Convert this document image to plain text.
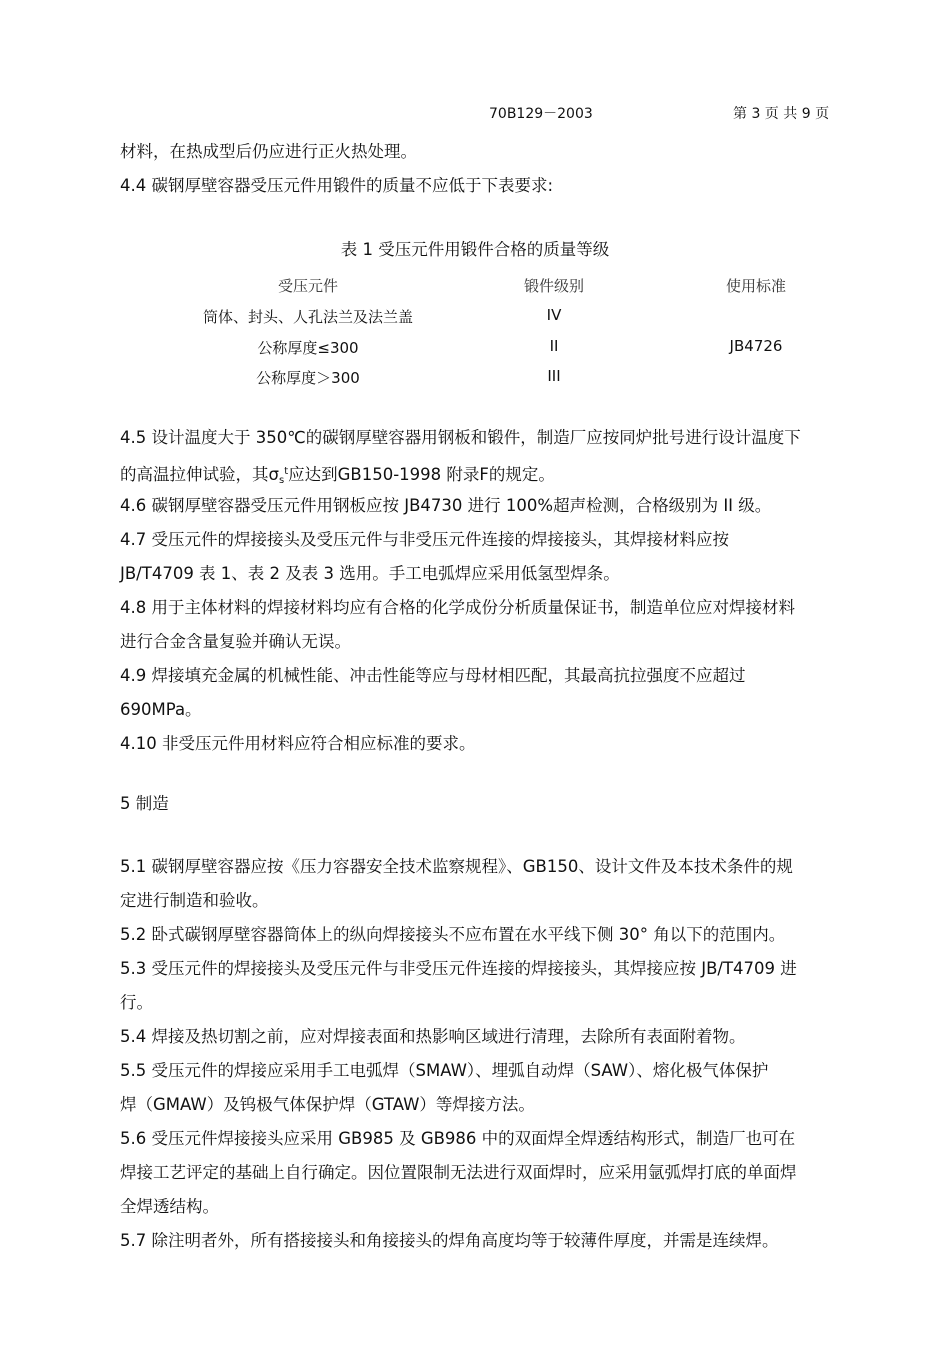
70B129－2003	第 3 页 共 9 页
材料，在热成型后仍应进行正火热处理。
4.4 碳钢厚壁容器受压元件用锻件的质量不应低于下表要求:
表 1 受压元件用锻件合格的质量等级
受压元件	锻件级别	使用标准
筒体、封头、人孔法兰及法兰盖	IV
公称厚度≤300	II	JB4726
公称厚度＞300	III
4.5 设计温度大于 350℃的碳钢厚壁容器用钢板和锻件，制造厂应按同炉批号进行设计温度下
的高温拉伸试验，其$\sigma_s^t$应达到GB150-1998 附录F的规定。
4.6 碳钢厚壁容器受压元件用钢板应按 JB4730 进行 100%超声检测，合格级别为 II 级。
4.7 受压元件的焊接接头及受压元件与非受压元件连接的焊接接头，其焊接材料应按
JB/T4709 表 1、表 2 及表 3 选用。手工电弧焊应采用低氢型焊条。
4.8 用于主体材料的焊接材料均应有合格的化学成份分析质量保证书，制造单位应对焊接材料
进行合金含量复验并确认无误。
4.9 焊接填充金属的机械性能、冲击性能等应与母材相匹配，其最高抗拉强度不应超过
690MPa。
4.10 非受压元件用材料应符合相应标准的要求。
5 制造
5.1 碳钢厚壁容器应按《压力容器安全技术监察规程》、GB150、设计文件及本技术条件的规
定进行制造和验收。
5.2 卧式碳钢厚壁容器筒体上的纵向焊接接头不应布置在水平线下侧 30° 角以下的范围内。
5.3 受压元件的焊接接头及受压元件与非受压元件连接的焊接接头，其焊接应按 JB/T4709 进
行。
5.4 焊接及热切割之前，应对焊接表面和热影响区域进行清理，去除所有表面附着物。
5.5 受压元件的焊接应采用手工电弧焊（SMAW）、埋弧自动焊（SAW）、熔化极气体保护
焊（GMAW）及钨极气体保护焊（GTAW）等焊接方法。
5.6 受压元件焊接接头应采用 GB985 及 GB986 中的双面焊全焊透结构形式，制造厂也可在
焊接工艺评定的基础上自行确定。因位置限制无法进行双面焊时，应采用氩弧焊打底的单面焊
全焊透结构。
5.7 除注明者外，所有搭接接头和角接接头的焊角高度均等于较薄件厚度，并需是连续焊。
